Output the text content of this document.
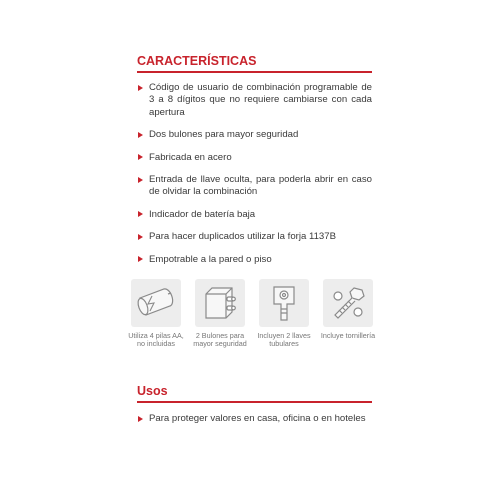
CARACTERÍSTICAS
Código de usuario de combinación programable de 3 a 8 dígitos que no requiere cambiarse con cada apertura
Dos bulones para mayor seguridad
Fabricada en acero
Entrada de llave oculta, para poderla abrir en caso de olvidar la combinación
Indicador de batería baja
Para hacer duplicados utilizar la forja 1137B
Empotrable a la pared o piso
Utiliza 4 pilas AA, no incluidas
2 Bulones para mayor seguridad
Incluyen 2 llaves tubulares
Incluye tornillería
Usos
Para proteger valores en casa, oficina o en hoteles
